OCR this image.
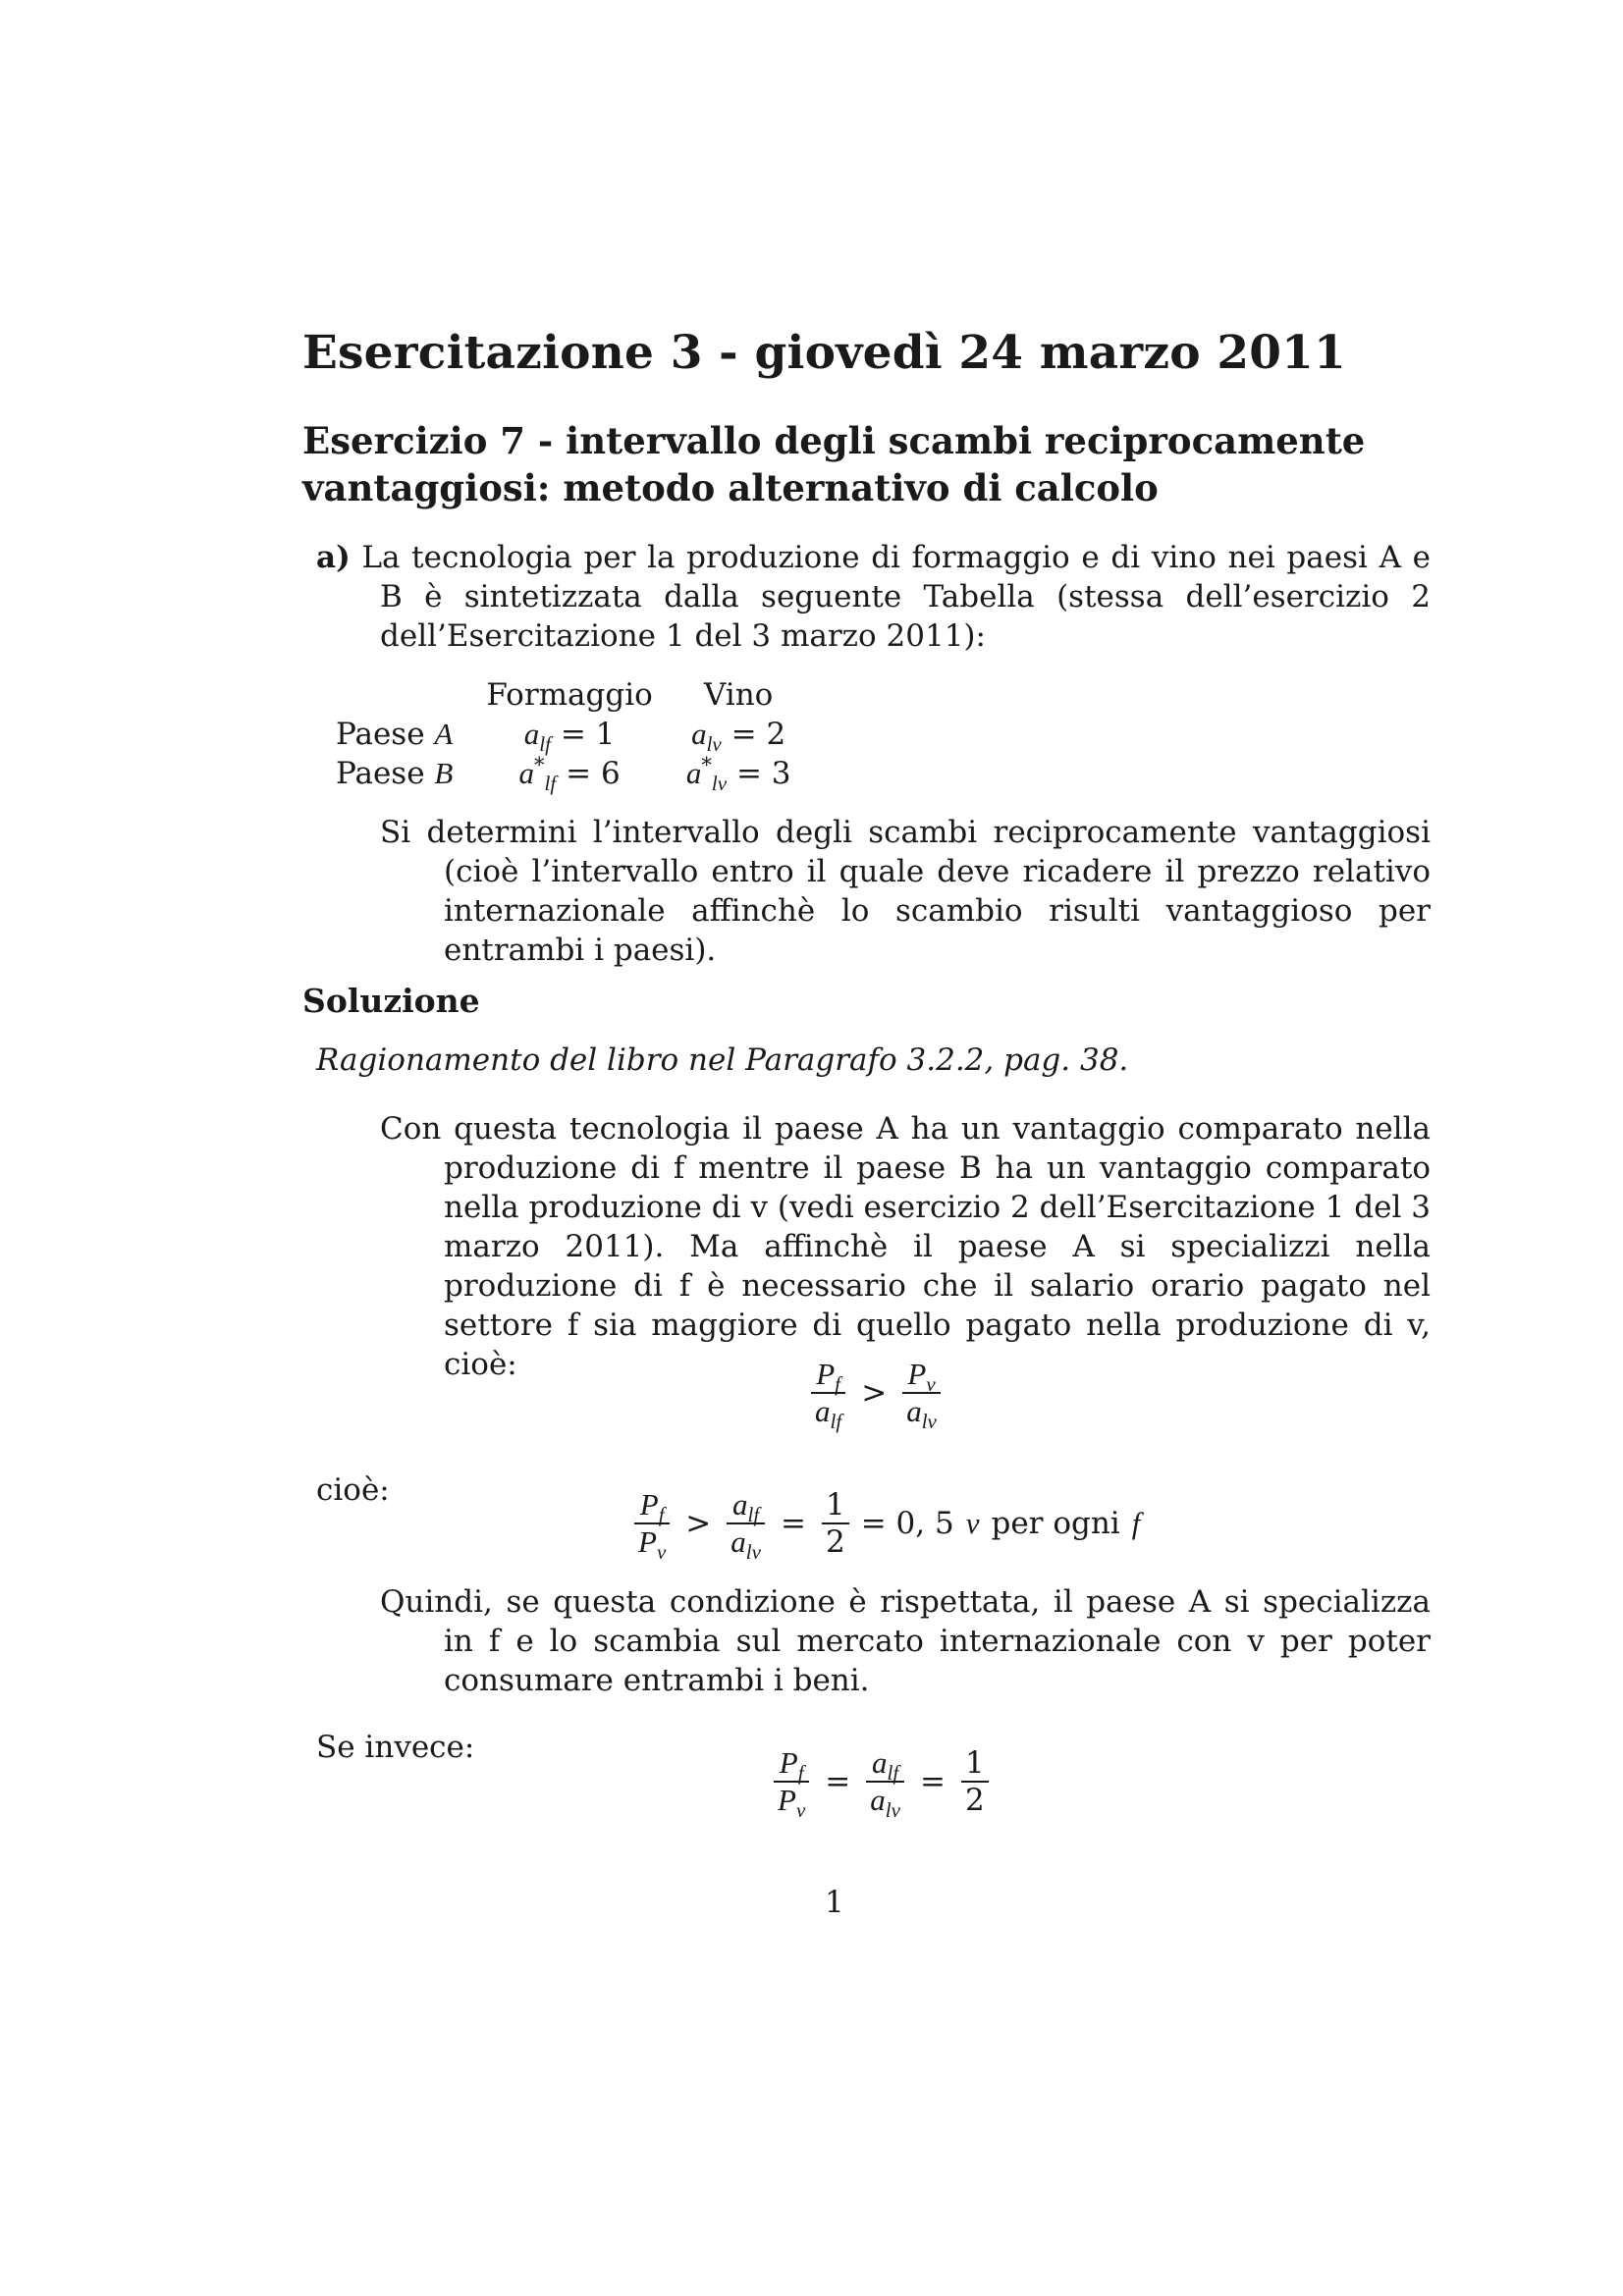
Esercitazione 3 - giovedì 24 marzo 2011
Esercizio 7 - intervallo degli scambi reciprocamente vantaggiosi: metodo alternativo di calcolo
a) La tecnologia per la produzione di formaggio e di vino nei paesi A e B è sintetizzata dalla seguente Tabella (stessa dell’esercizio 2 dell’Esercitazione 1 del 3 marzo 2011):
	Formaggio	Vino
Paese A	$a_{lf} = 1$	$a_{lv} = 2$
Paese B	$a^*_{lf} = 6$	$a^*_{lv} = 3$
Si determini l’intervallo degli scambi reciprocamente vantaggiosi (cioè l’intervallo entro il quale deve ricadere il prezzo relativo internazionale affinchè lo scambio risulti vantaggioso per entrambi i paesi).
Soluzione
Ragionamento del libro nel Paragrafo 3.2.2, pag. 38.
Con questa tecnologia il paese A ha un vantaggio comparato nella produzione di f mentre il paese B ha un vantaggio comparato nella produzione di v (vedi esercizio 2 dell’Esercitazione 1 del 3 marzo 2011). Ma affinchè il paese A si specializzi nella produzione di f è necessario che il salario orario pagato nel settore f sia maggiore di quello pagato nella produzione di v, cioè:	$\frac{P_f}{a_{lf}} > \frac{P_v}{a_{lv}}$
cioè:	$\frac{P_f}{P_v} > \frac{a_{lf}}{a_{lv}} = \frac{1}{2} = 0$, 5 v per ogni f
Quindi, se questa condizione è rispettata, il paese A si specializza in f e lo scambia sul mercato internazionale con v per poter consumare entrambi i beni.
Se invece:	$\frac{P_f}{P_v} = \frac{a_{lf}}{a_{lv}} = \frac{1}{2}$
1
